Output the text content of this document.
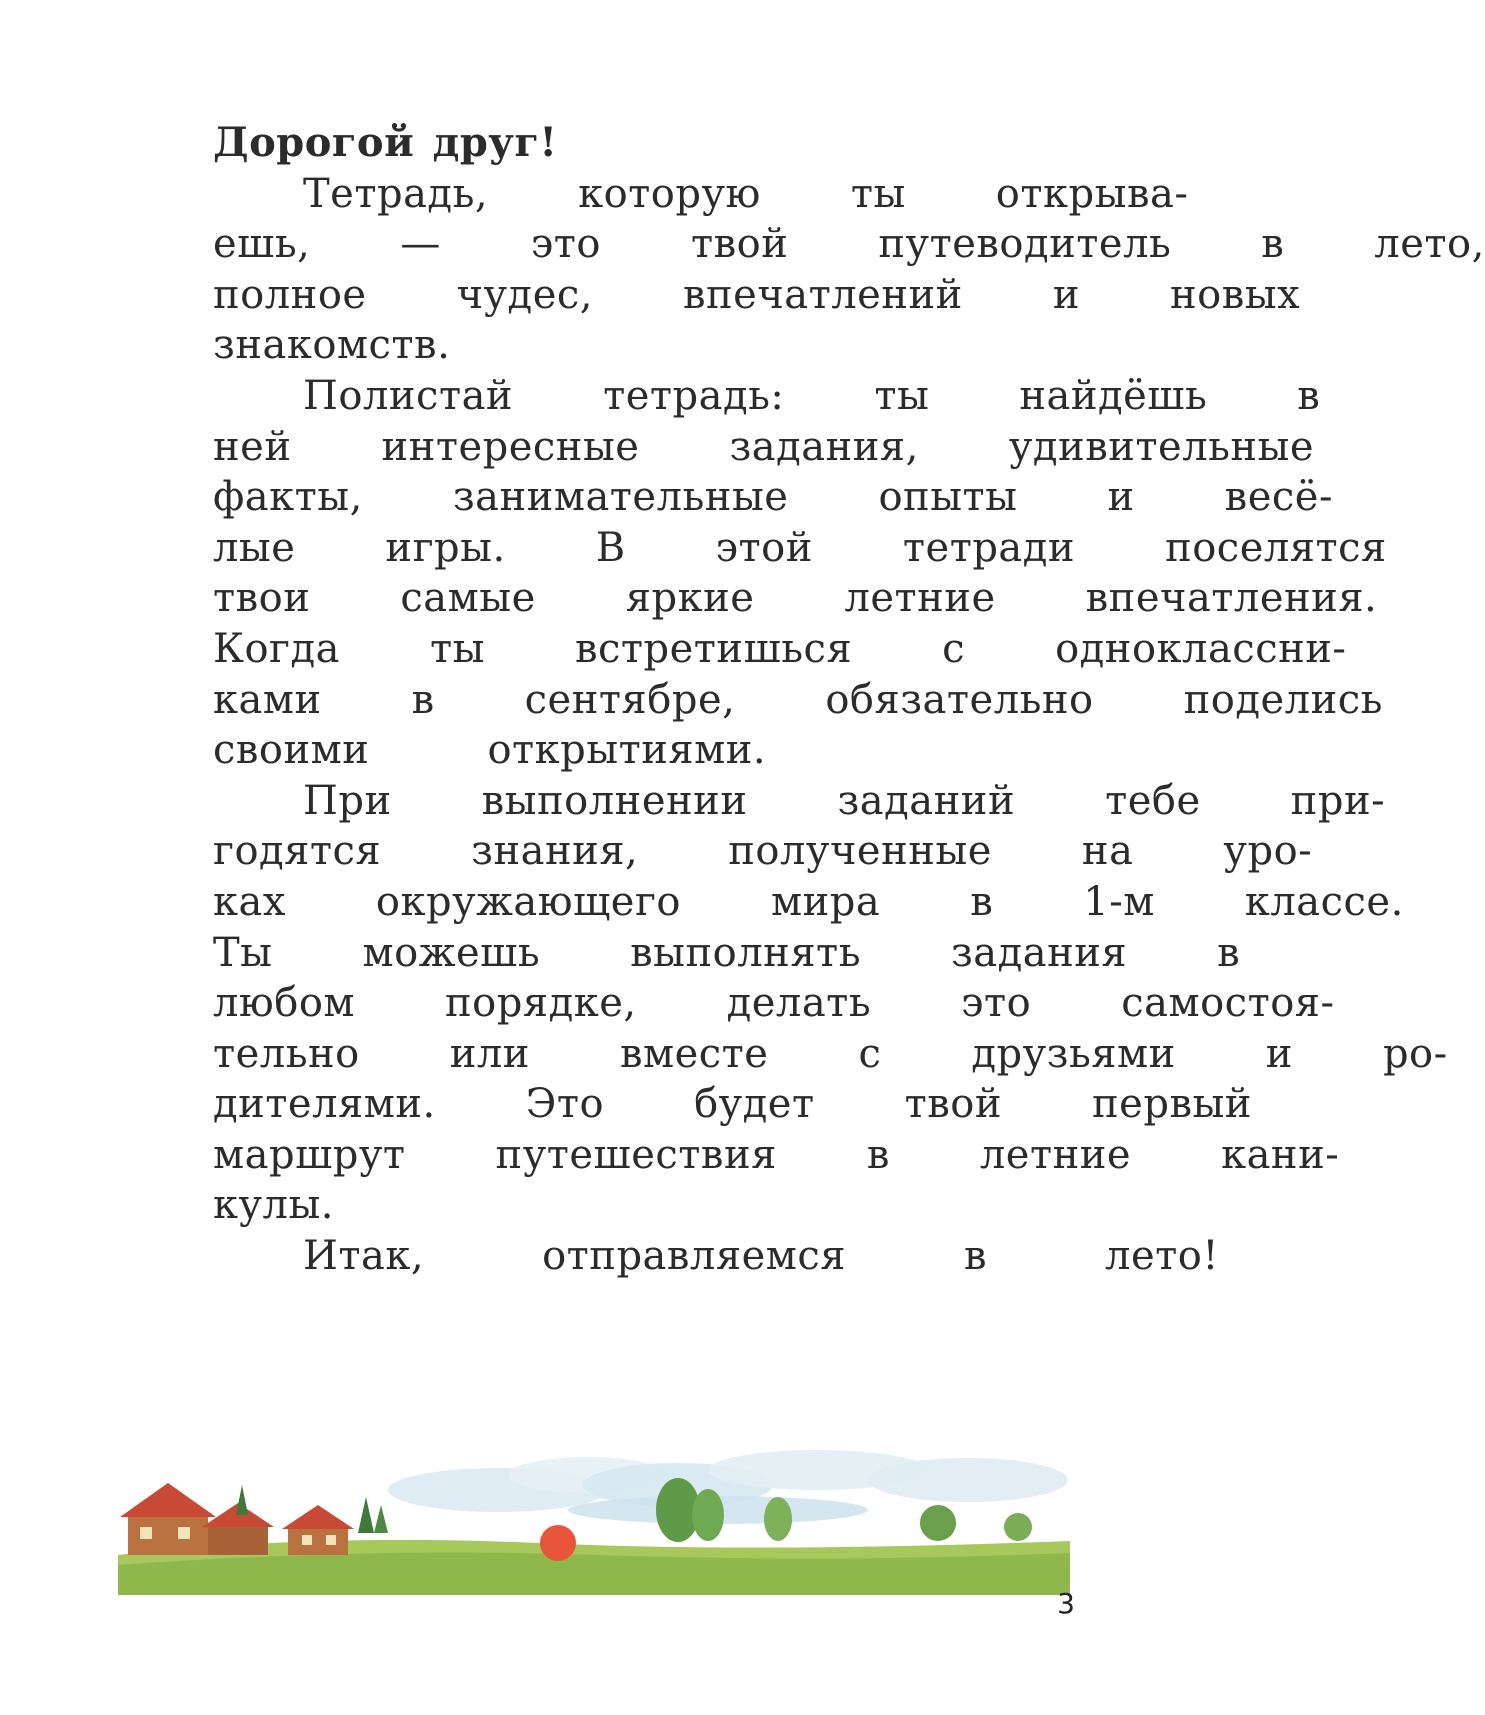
Дорогой друг!

Тетрадь,	которую	ты	открыва-
ешь,	—	это	твой	путеводитель	в	лето,
полное	чудес,	впечатлений	и	новых
знакомств.
Полистай	тетрадь:	ты	найдёшь	в
ней	интересные	задания,	удивительные
факты,	занимательные	опыты	и	весё-
лые	игры.	В	этой	тетради	поселятся
твои	самые	яркие	летние	впечатления.
Когда	ты	встретишься	с	одноклассни-
ками	в	сентябре,	обязательно	поделись
своими	открытиями.
При	выполнении	заданий	тебе	при-
годятся	знания,	полученные	на	уро-
ках	окружающего	мира	в	1-м	классе.
Ты	можешь	выполнять	задания	в
любом	порядке,	делать	это	самостоя-
тельно	или	вместе	с	друзьями	и	ро-
дителями.	Это	будет	твой	первый
маршрут	путешествия	в	летние	кани-
кулы.
Итак,	отправляемся	в	лето!
3
